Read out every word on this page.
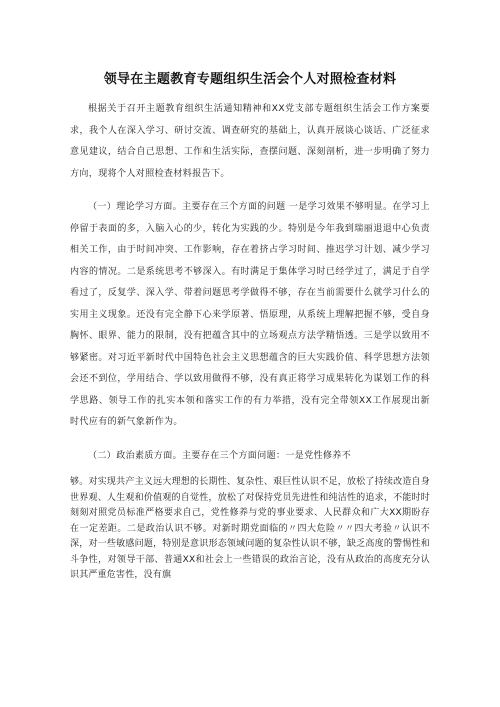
领导在主题教育专题组织生活会个人对照检查材料

根据关于召开主题教育组织生活通知精神和XX党支部专题组织生活会工作方案要求，我个人在深入学习、研讨交流、调查研究的基础上，认真开展谈心谈话、广泛征求意见建议，结合自己思想、工作和生活实际，查摆问题、深刻剖析，进一步明确了努力方向，现将个人对照检查材料报告下。

（一）理论学习方面。主要存在三个方面的问题 一是学习效果不够明显。在学习上停留于表面的多，入脑入心的少，转化为实践的少。特别是今年我到瑞丽退退中心负责相关工作，由于时间冲突、工作影响，存在着挤占学习时间、推迟学习计划、减少学习内容的情况。二是系统思考不够深入。有时满足于集体学习时已经学过了，满足于自学看过了，反复学、深入学、带着问题思考学做得不够，存在当前需要什么就学习什么的实用主义现象。还没有完全静下心来学原著、悟原理，从系统上理解把握不够，受自身胸怀、眼界、能力的限制，没有把蕴含其中的立场观点方法学精悟透。三是学以致用不够紧密。对习近平新时代中国特色社会主义思想蕴含的巨大实践价值、科学思想方法领会还不到位，学用结合、学以致用做得不够，没有真正将学习成果转化为谋划工作的科学思路、领导工作的扎实本领和落实工作的有力举措，没有完全带领XX工作展现出新时代应有的新气象新作为。

（二）政治素质方面。主要存在三个方面问题：一是党性修养不

够。对实现共产主义远大理想的长期性、复杂性、艰巨性认识不足，放松了持续改造自身世界观、人生观和价值观的自觉性，放松了对保持党员先进性和纯洁性的追求，不能时时刻刻对照党员标准严格要求自己，党性修养与党的事业要求、人民群众和广大XX期盼存在一定差距。二是政治认识不够。对新时期党面临的〃四大危险〃〃四大考验〃认识不深，对一些敏感问题，特别是意识形态领域问题的复杂性认识不够，缺乏高度的警惕性和斗争性，对领导干部、普通XX和社会上一些错误的政治言论，没有从政治的高度充分认识其严重危害性，没有旗
